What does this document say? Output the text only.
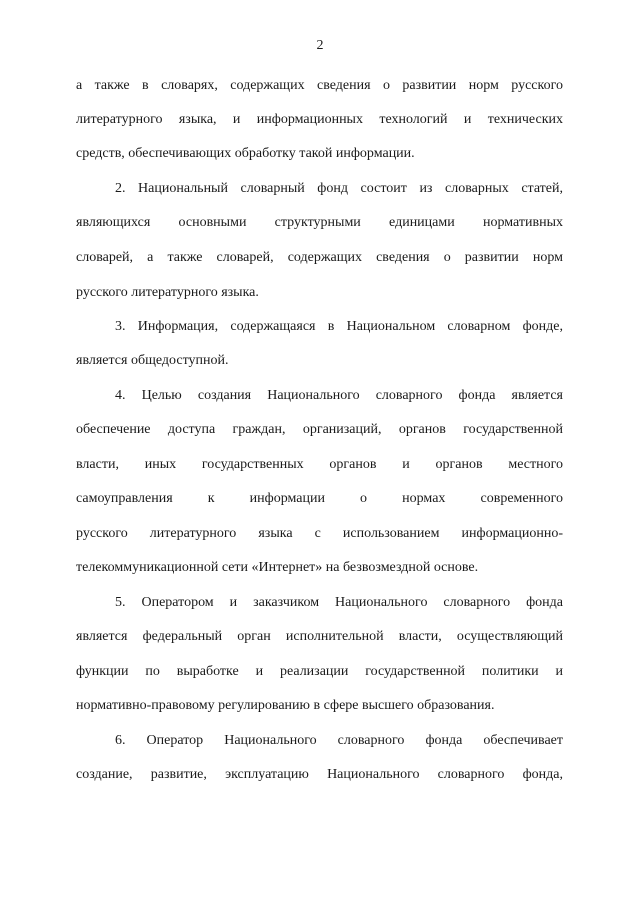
2
а также в словарях, содержащих сведения о развитии норм русского
литературного языка, и информационных технологий и технических
средств, обеспечивающих обработку такой информации.
2. Национальный словарный фонд состоит из словарных статей,
являющихся основными структурными единицами нормативных
словарей, а также словарей, содержащих сведения о развитии норм
русского литературного языка.
3. Информация, содержащаяся в Национальном словарном фонде,
является общедоступной.
4. Целью создания Национального словарного фонда является
обеспечение доступа граждан, организаций, органов государственной
власти, иных государственных органов и органов местного
самоуправления к информации о нормах современного
русского литературного языка с использованием информационно-
телекоммуникационной сети «Интернет» на безвозмездной основе.
5. Оператором и заказчиком Национального словарного фонда
является федеральный орган исполнительной власти, осуществляющий
функции по выработке и реализации государственной политики и
нормативно-правовому регулированию в сфере высшего образования.
6. Оператор Национального словарного фонда обеспечивает
создание, развитие, эксплуатацию Национального словарного фонда,
